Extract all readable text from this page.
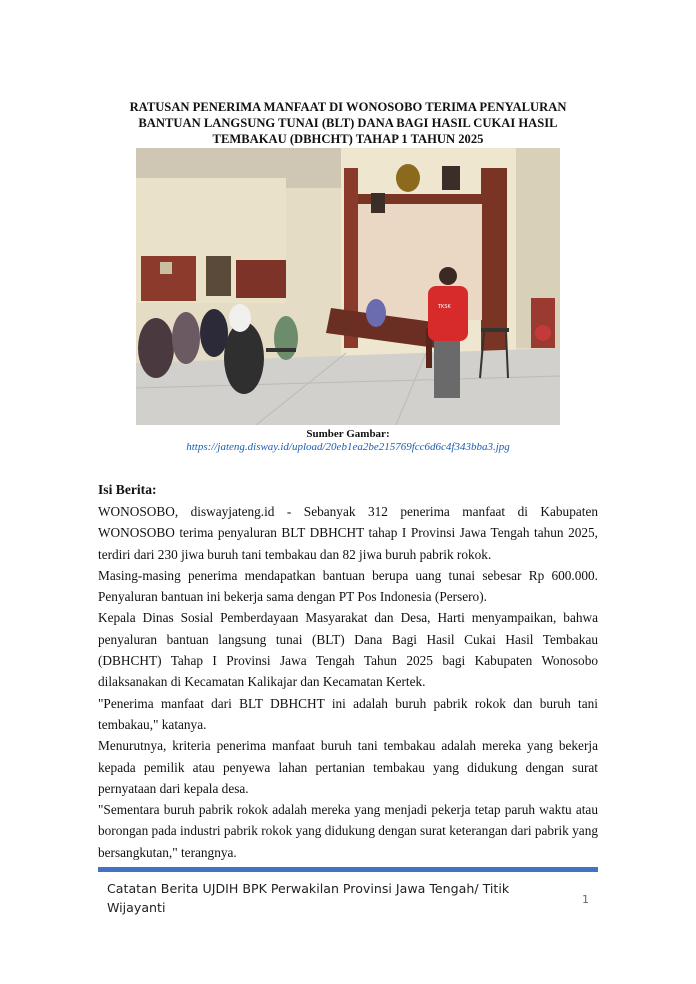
RATUSAN PENERIMA MANFAAT DI WONOSOBO TERIMA PENYALURAN
BANTUAN LANGSUNG TUNAI (BLT) DANA BAGI HASIL CUKAI HASIL
TEMBAKAU (DBHCHT) TAHAP 1 TAHUN 2025
TKSK
Sumber Gambar:
https://jateng.disway.id/upload/20eb1ea2be215769fcc6d6c4f343bba3.jpg
Isi Berita:

WONOSOBO, diswayjateng.id - Sebanyak 312 penerima manfaat di Kabupaten WONOSOBO terima penyaluran BLT DBHCHT tahap I Provinsi Jawa Tengah tahun 2025, terdiri dari 230 jiwa buruh tani tembakau dan 82 jiwa buruh pabrik rokok.

Masing-masing penerima mendapatkan bantuan berupa uang tunai sebesar Rp 600.000. Penyaluran bantuan ini bekerja sama dengan PT Pos Indonesia (Persero).

Kepala Dinas Sosial Pemberdayaan Masyarakat dan Desa, Harti menyampaikan, bahwa penyaluran bantuan langsung tunai (BLT) Dana Bagi Hasil Cukai Hasil Tembakau (DBHCHT) Tahap I Provinsi Jawa Tengah Tahun 2025 bagi Kabupaten Wonosobo dilaksanakan di Kecamatan Kalikajar dan Kecamatan Kertek.

"Penerima manfaat dari BLT DBHCHT ini adalah buruh pabrik rokok dan buruh tani tembakau," katanya.

Menurutnya, kriteria penerima manfaat buruh tani tembakau adalah mereka yang bekerja kepada pemilik atau penyewa lahan pertanian tembakau yang didukung dengan surat pernyataan dari kepala desa.

"Sementara buruh pabrik rokok adalah mereka yang menjadi pekerja tetap paruh waktu atau borongan pada industri pabrik rokok yang didukung dengan surat keterangan dari pabrik yang bersangkutan," terangnya.

Catatan Berita UJDIH BPK Perwakilan Provinsi Jawa Tengah/ Titik Wijayanti	1
